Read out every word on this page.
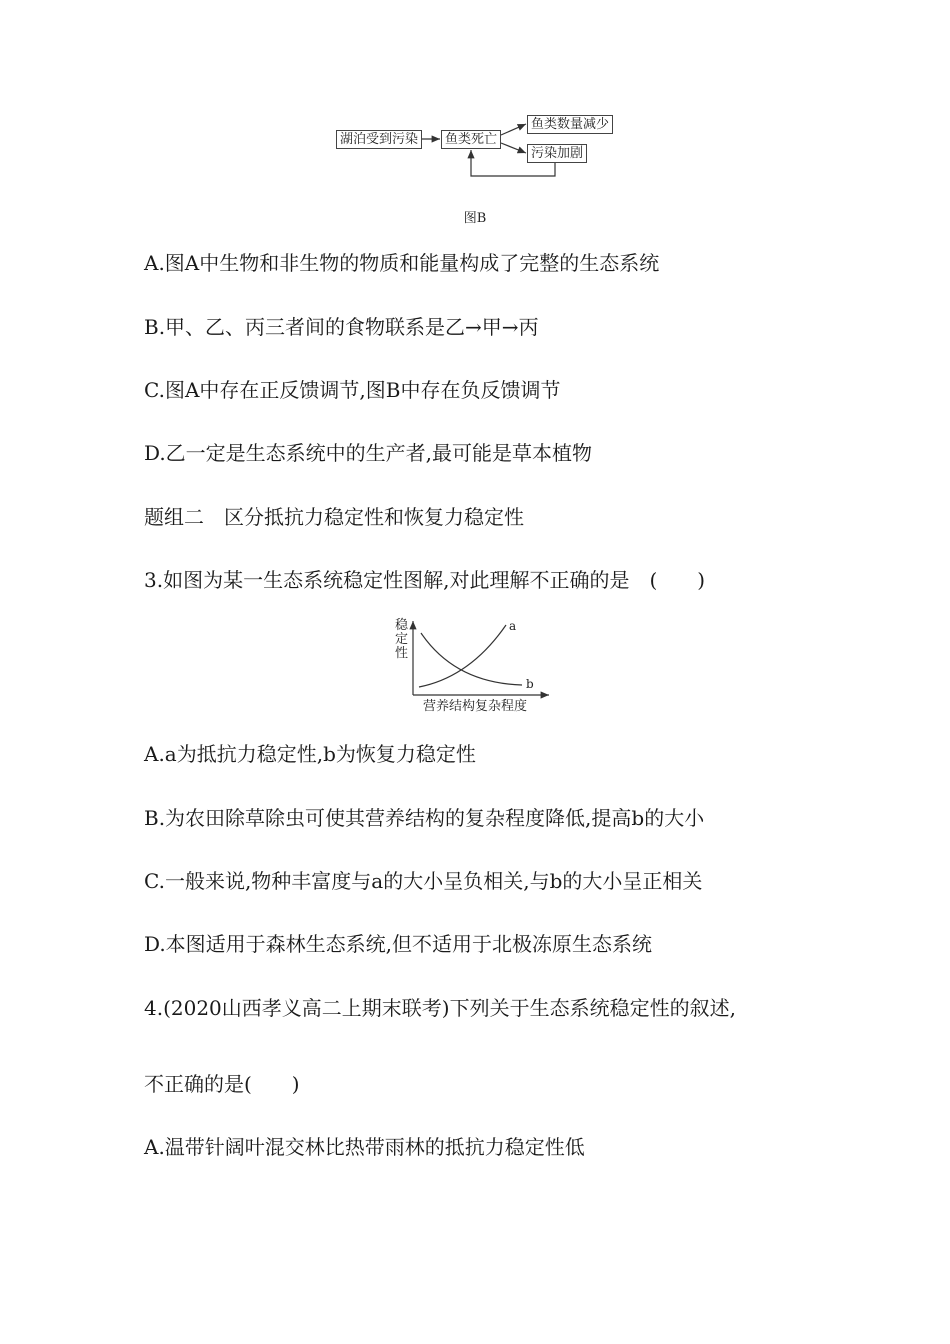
湖泊受到污染	鱼类死亡
鱼类数量减少
污染加剧
图B
A.图A中生物和非生物的物质和能量构成了完整的生态系统
B.甲、乙、丙三者间的食物联系是乙→甲→丙
C.图A中存在正反馈调节,图B中存在负反馈调节
D.乙一定是生态系统中的生产者,最可能是草本植物
题组二　区分抵抗力稳定性和恢复力稳定性
3.如图为某一生态系统稳定性图解,对此理解不正确的是　(　　)
稳
定
性
a
b
营养结构复杂程度
A.a为抵抗力稳定性,b为恢复力稳定性
B.为农田除草除虫可使其营养结构的复杂程度降低,提高b的大小
C.一般来说,物种丰富度与a的大小呈负相关,与b的大小呈正相关
D.本图适用于森林生态系统,但不适用于北极冻原生态系统
4.(2020山西孝义高二上期末联考)下列关于生态系统稳定性的叙述,
不正确的是(　　)
A.温带针阔叶混交林比热带雨林的抵抗力稳定性低
